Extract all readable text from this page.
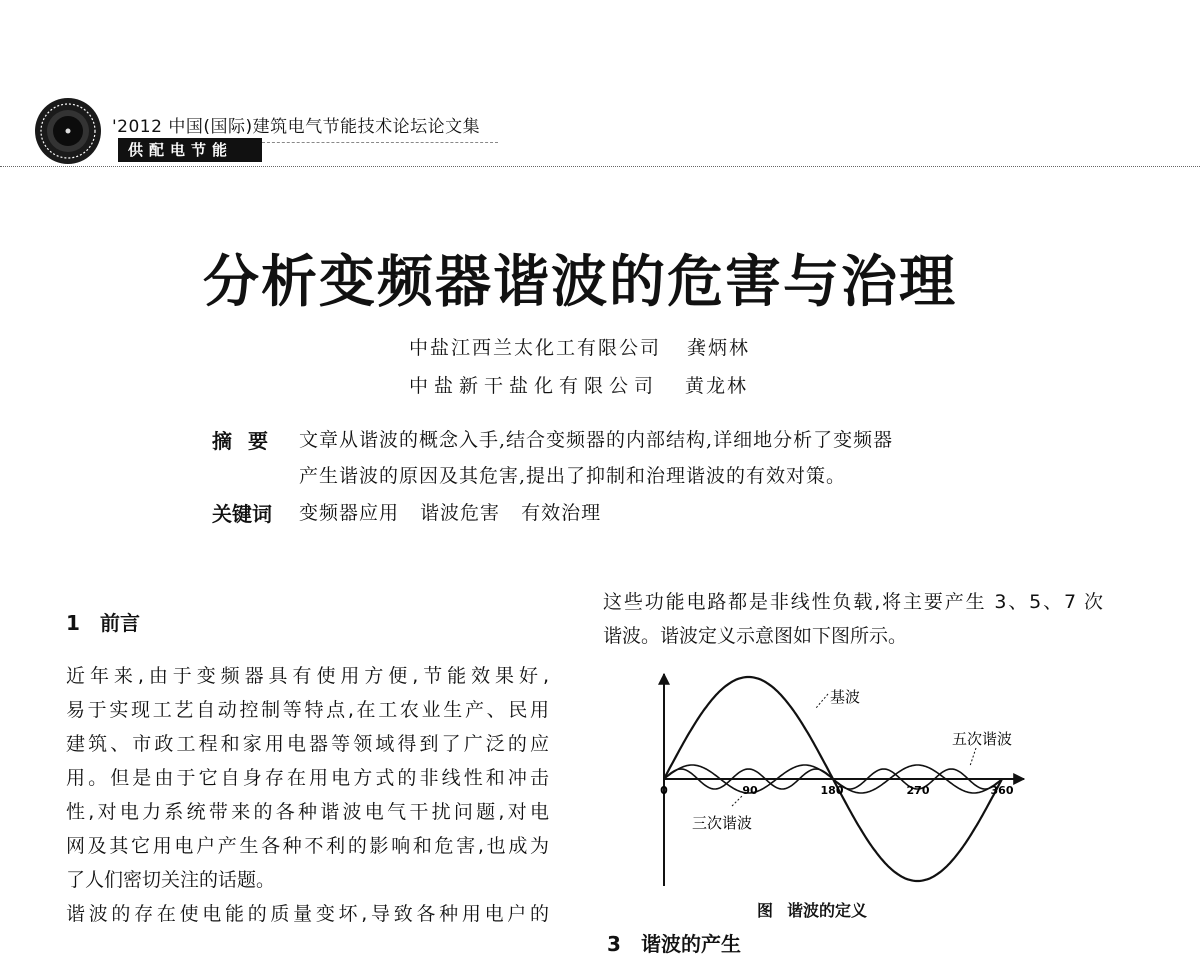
'2012 中国(国际)建筑电气节能技术论坛论文集
供配电节能
分析变频器谐波的危害与治理
中盐江西兰太化工有限公司 龚炳林
中盐新干盐化有限公司 黄龙林
摘要 文章从谐波的概念入手,结合变频器的内部结构,详细地分析了变频器
产生谐波的原因及其危害,提出了抑制和治理谐波的有效对策。
关键词 变频器应用 谐波危害 有效治理
1 前言
近年来,由于变频器具有使用方便,节能效果好,
易于实现工艺自动控制等特点,在工农业生产、民用
建筑、市政工程和家用电器等领域得到了广泛的应
用。但是由于它自身存在用电方式的非线性和冲击
性,对电力系统带来的各种谐波电气干扰问题,对电
网及其它用电户产生各种不利的影响和危害,也成为
了人们密切关注的话题。
谐波的存在使电能的质量变坏,导致各种用电户的
这些功能电路都是非线性负载,将主要产生 3、5、7 次
谐波。谐波定义示意图如下图所示。
0	90	180	270	360
基波
五次谐波
三次谐波
图 谐波的定义
3 谐波的产生
